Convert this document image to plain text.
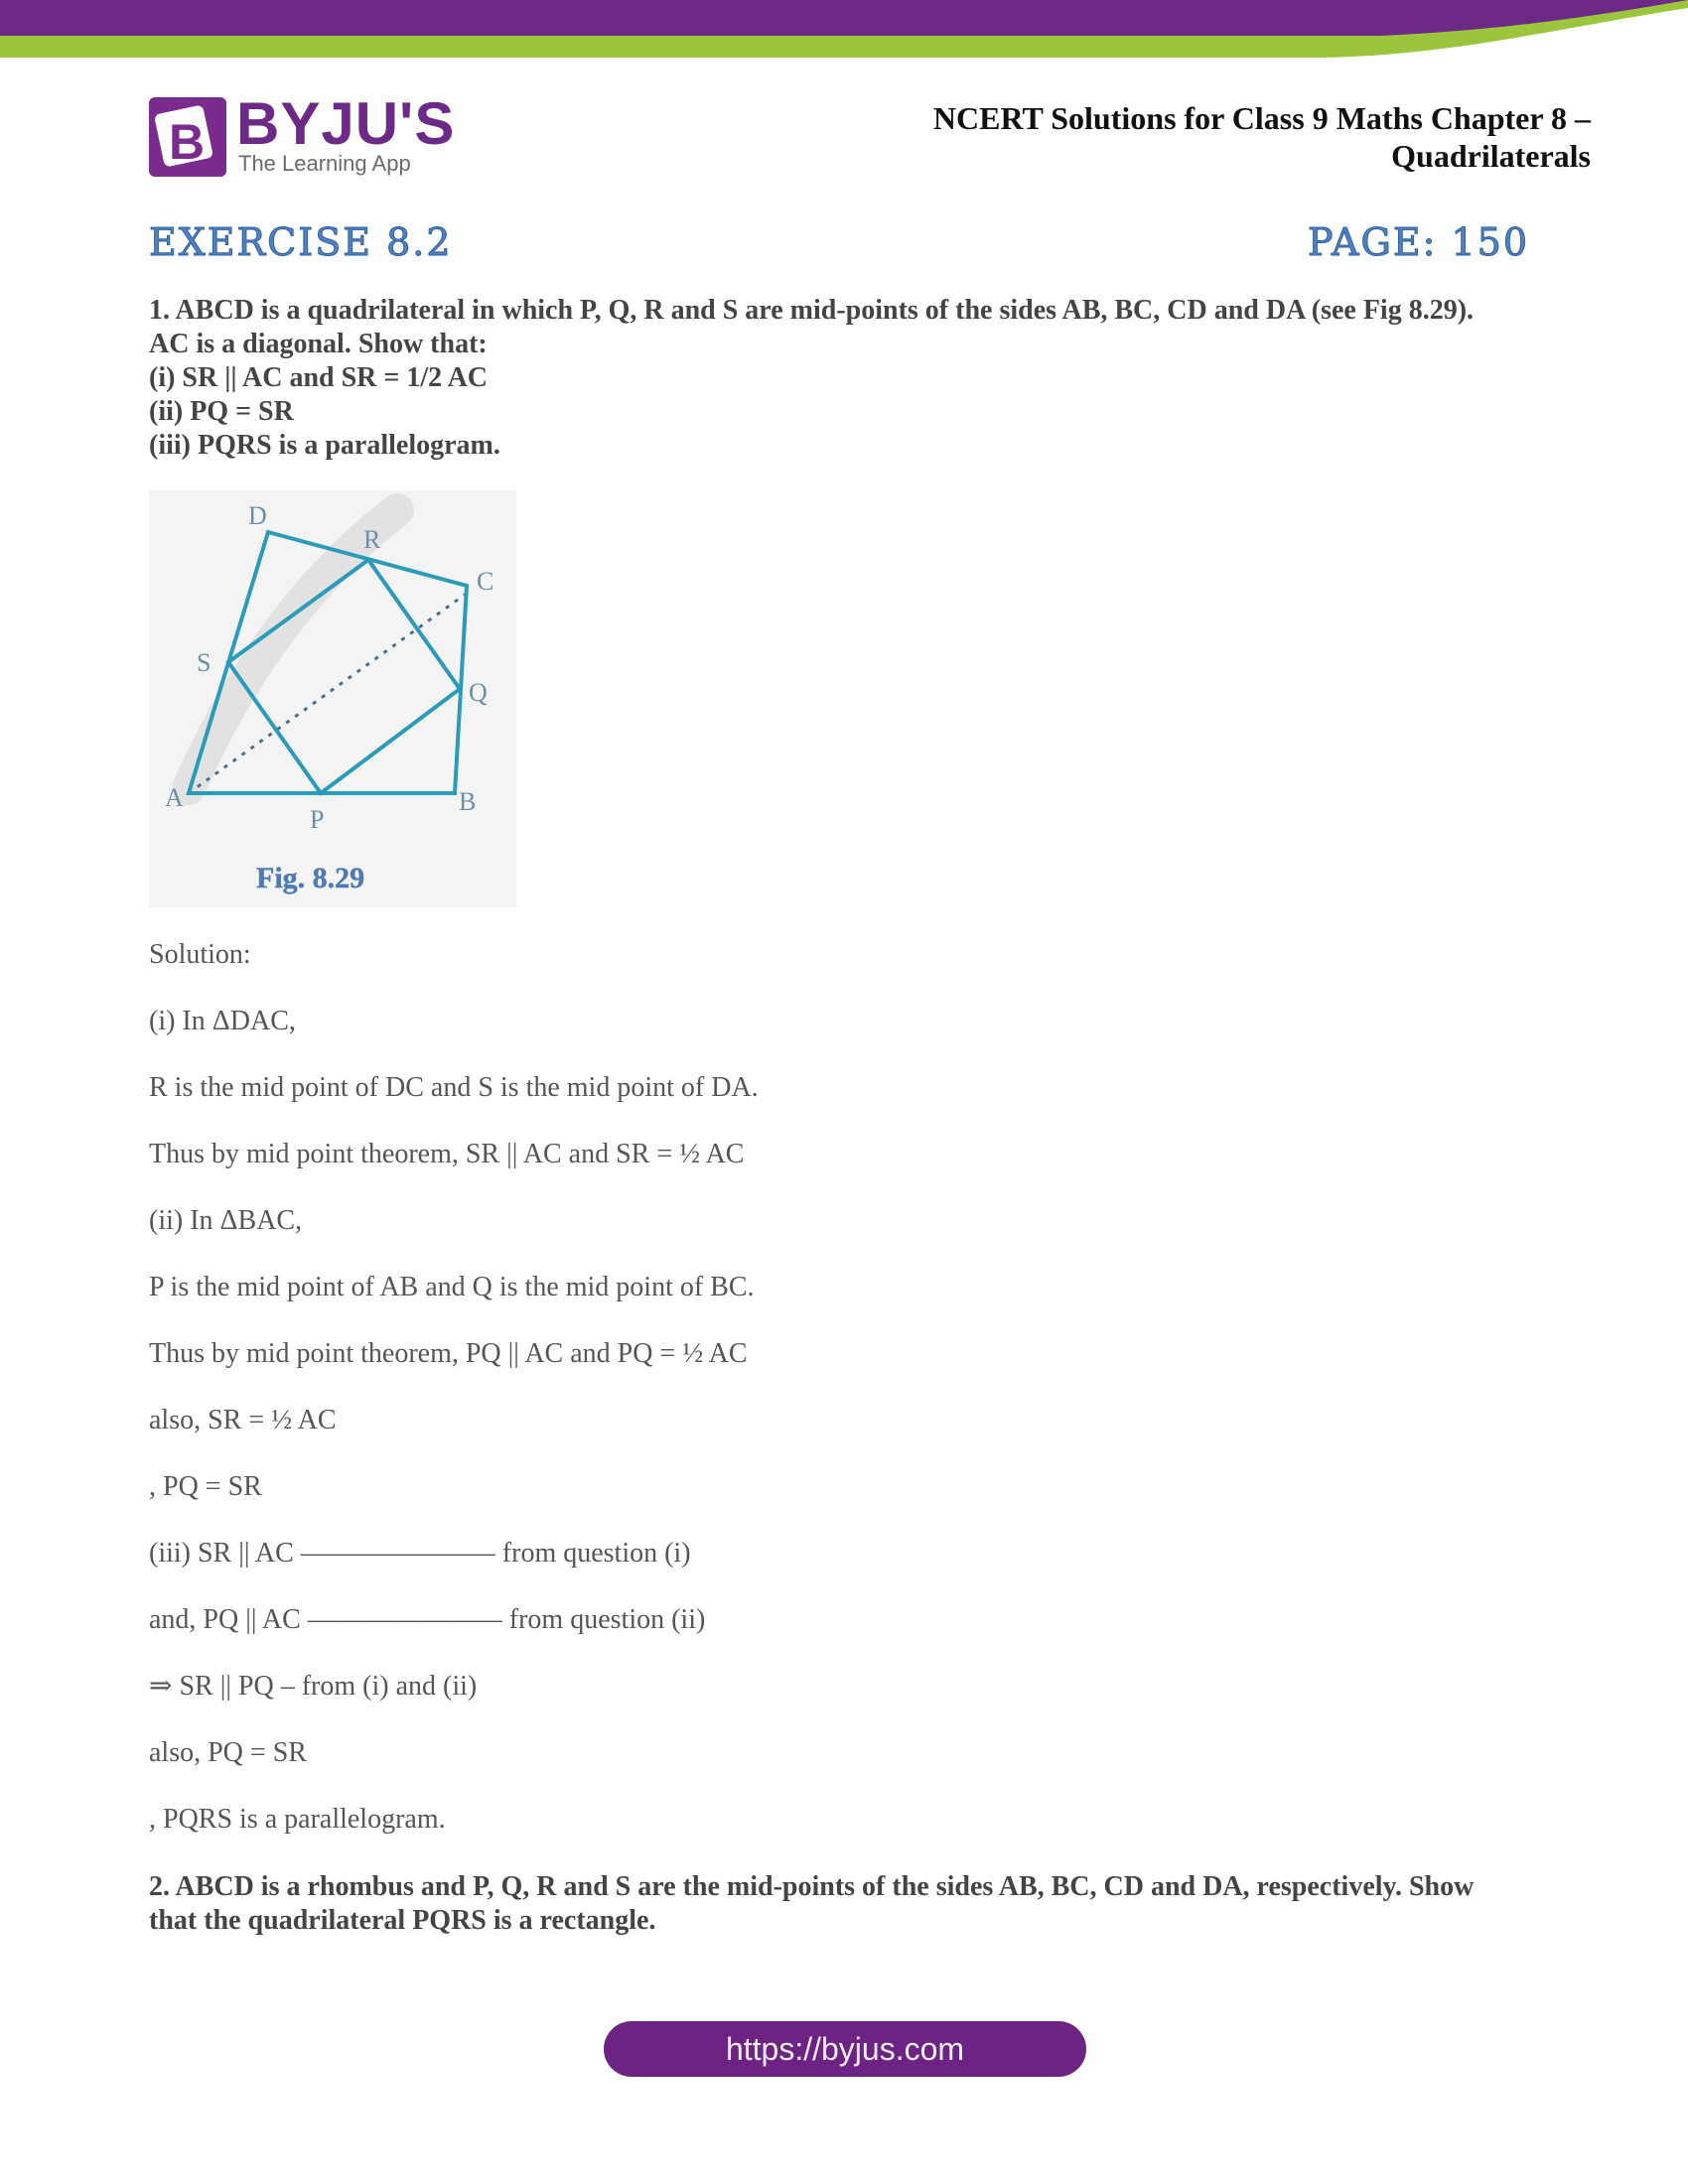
B BYJU'S
The Learning App
NCERT Solutions for Class 9 Maths Chapter 8 –
Quadrilaterals
EXERCISE 8.2	PAGE: 150
1. ABCD is a quadrilateral in which P, Q, R and S are mid-points of the sides AB, BC, CD and DA (see Fig 8.29).
AC is a diagonal. Show that:
(i) SR || AC and SR = 1/2 AC
(ii) PQ = SR
(iii) PQRS is a parallelogram.
A	B
C
D
P
Q
R
S
Fig. 8.29

Solution:

(i) In ΔDAC,

R is the mid point of DC and S is the mid point of DA.

Thus by mid point theorem, SR || AC and SR = ½ AC

(ii) In ΔBAC,

P is the mid point of AB and Q is the mid point of BC.

Thus by mid point theorem, PQ || AC and PQ = ½ AC

also, SR = ½ AC

, PQ = SR

(iii) SR || AC ——————— from question (i)

and, PQ || AC ——————— from question (ii)

⇒ SR || PQ – from (i) and (ii)

also, PQ = SR

, PQRS is a parallelogram.

2. ABCD is a rhombus and P, Q, R and S are the mid-points of the sides AB, BC, CD and DA, respectively. Show
that the quadrilateral PQRS is a rectangle.
https://byjus.com
